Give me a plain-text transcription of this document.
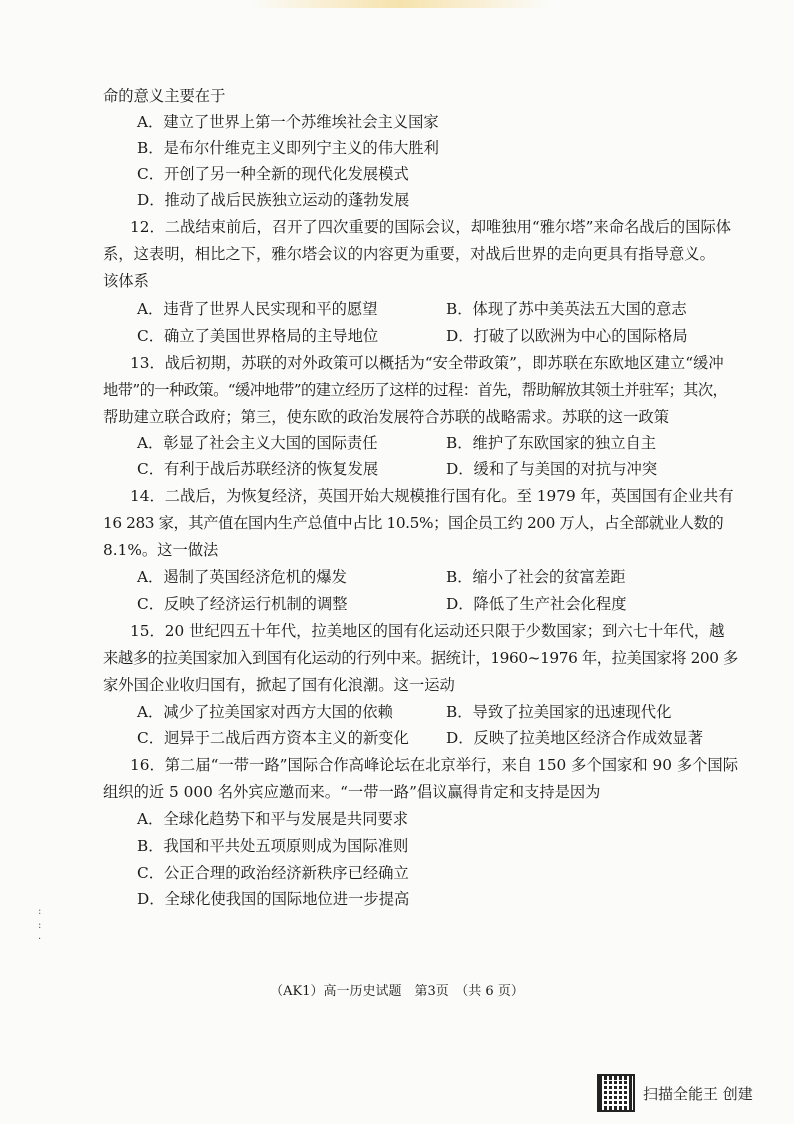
命的意义主要在于
A．建立了世界上第一个苏维埃社会主义国家
B．是布尔什维克主义即列宁主义的伟大胜利
C．开创了另一种全新的现代化发展模式
D．推动了战后民族独立运动的蓬勃发展
12．二战结束前后，召开了四次重要的国际会议，却唯独用“雅尔塔”来命名战后的国际体
系，这表明，相比之下，雅尔塔会议的内容更为重要，对战后世界的走向更具有指导意义。
该体系
A．违背了世界人民实现和平的愿望	B．体现了苏中美英法五大国的意志
C．确立了美国世界格局的主导地位	D．打破了以欧洲为中心的国际格局
13．战后初期，苏联的对外政策可以概括为“安全带政策”，即苏联在东欧地区建立“缓冲
地带”的一种政策。“缓冲地带”的建立经历了这样的过程：首先，帮助解放其领土并驻军；其次，
帮助建立联合政府；第三，使东欧的政治发展符合苏联的战略需求。苏联的这一政策
A．彰显了社会主义大国的国际责任	B．维护了东欧国家的独立自主
C．有利于战后苏联经济的恢复发展	D．缓和了与美国的对抗与冲突
14．二战后，为恢复经济，英国开始大规模推行国有化。至 1979 年，英国国有企业共有
16 283 家，其产值在国内生产总值中占比 10.5%；国企员工约 200 万人，占全部就业人数的
8.1%。这一做法
A．遏制了英国经济危机的爆发	B．缩小了社会的贫富差距
C．反映了经济运行机制的调整	D．降低了生产社会化程度
15．20 世纪四五十年代，拉美地区的国有化运动还只限于少数国家；到六七十年代，越
来越多的拉美国家加入到国有化运动的行列中来。据统计，1960~1976 年，拉美国家将 200 多
家外国企业收归国有，掀起了国有化浪潮。这一运动
A．减少了拉美国家对西方大国的依赖	B．导致了拉美国家的迅速现代化
C．迥异于二战后西方资本主义的新变化 D．反映了拉美地区经济合作成效显著
16．第二届“一带一路”国际合作高峰论坛在北京举行，来自 150 多个国家和 90 多个国际
组织的近 5 000 名外宾应邀而来。“一带一路”倡议赢得肯定和支持是因为
A．全球化趋势下和平与发展是共同要求
B．我国和平共处五项原则成为国际准则
C．公正合理的政治经济新秩序已经确立
D．全球化使我国的国际地位进一步提高
:
:
·
（AK1）高一历史试题　第3页　（共 6 页）
扫描全能王 创建
